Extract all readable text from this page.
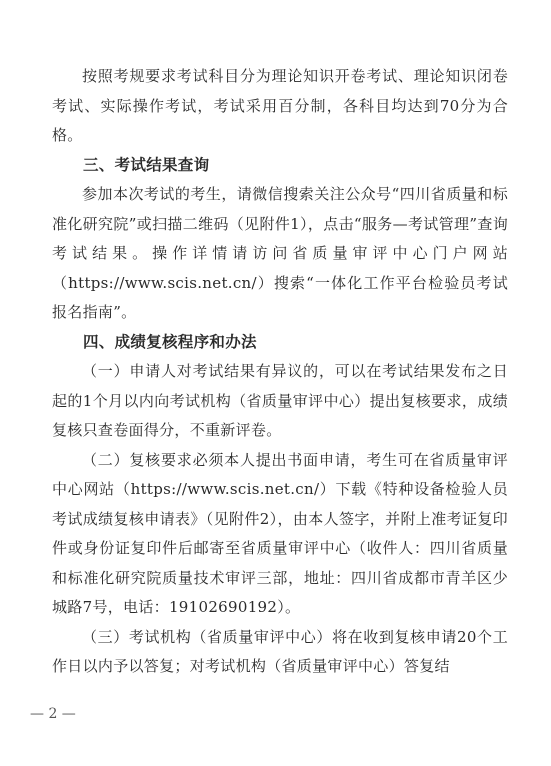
按照考规要求考试科目分为理论知识开卷考试、理论知识闭卷考试、实际操作考试，考试采用百分制，各科目均达到70分为合格。

三、考试结果查询

参加本次考试的考生，请微信搜索关注公众号“四川省质量和标准化研究院”或扫描二维码（见附件1），点击“服务—考试管理”查询考试结果。操作详情请访问省质量审评中心门户网站（https://www.scis.net.cn/）搜索“一体化工作平台检验员考试报名指南”。

四、成绩复核程序和办法

（一）申请人对考试结果有异议的，可以在考试结果发布之日起的1个月以内向考试机构（省质量审评中心）提出复核要求，成绩复核只查卷面得分，不重新评卷。

（二）复核要求必须本人提出书面申请，考生可在省质量审评中心网站（https://www.scis.net.cn/）下载《特种设备检验人员考试成绩复核申请表》（见附件2），由本人签字，并附上准考证复印件或身份证复印件后邮寄至省质量审评中心（收件人：四川省质量和标准化研究院质量技术审评三部，地址：四川省成都市青羊区少城路7号，电话：19102690192）。

（三）考试机构（省质量审评中心）将在收到复核申请20个工作日以内予以答复；对考试机构（省质量审评中心）答复结

— 2 —
